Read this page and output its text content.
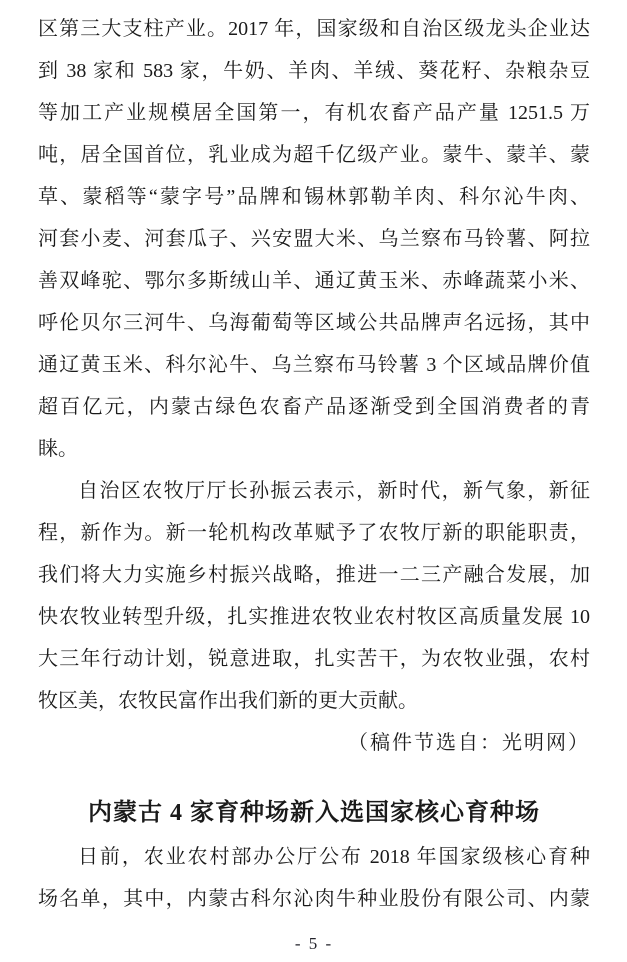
区第三大支柱产业。2017 年，国家级和自治区级龙头企业达
到 38 家和 583 家，牛奶、羊肉、羊绒、葵花籽、杂粮杂豆
等加工产业规模居全国第一，有机农畜产品产量 1251.5 万
吨，居全国首位，乳业成为超千亿级产业。蒙牛、蒙羊、蒙
草、蒙稻等“蒙字号”品牌和锡林郭勒羊肉、科尔沁牛肉、
河套小麦、河套瓜子、兴安盟大米、乌兰察布马铃薯、阿拉
善双峰驼、鄂尔多斯绒山羊、通辽黄玉米、赤峰蔬菜小米、
呼伦贝尔三河牛、乌海葡萄等区域公共品牌声名远扬，其中
通辽黄玉米、科尔沁牛、乌兰察布马铃薯 3 个区域品牌价值
超百亿元，内蒙古绿色农畜产品逐渐受到全国消费者的青
睐。
自治区农牧厅厅长孙振云表示，新时代，新气象，新征
程，新作为。新一轮机构改革赋予了农牧厅新的职能职责，
我们将大力实施乡村振兴战略，推进一二三产融合发展，加
快农牧业转型升级，扎实推进农牧业农村牧区高质量发展 10
大三年行动计划，锐意进取，扎实苦干，为农牧业强，农村
牧区美，农牧民富作出我们新的更大贡献。
（稿件节选自：光明网）
内蒙古 4 家育种场新入选国家核心育种场
日前，农业农村部办公厅公布 2018 年国家级核心育种
场名单，其中，内蒙古科尔沁肉牛种业股份有限公司、内蒙
- 5 -
